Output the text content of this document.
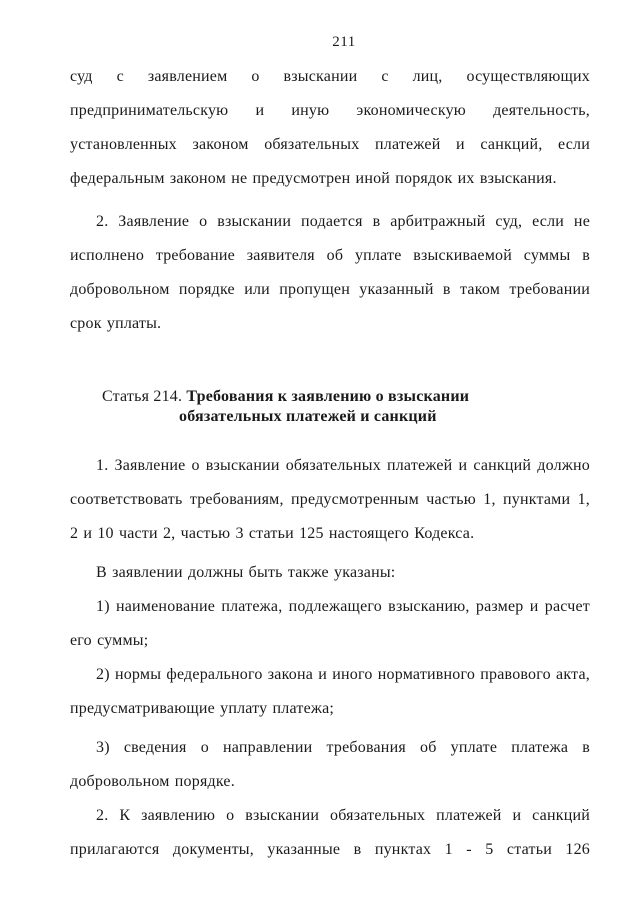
211

суд с заявлением о взыскании с лиц, осуществляющих предпринимательскую и иную экономическую деятельность, установленных законом обязательных платежей и санкций, если федеральным законом не предусмотрен иной порядок их взыскания.

2. Заявление о взыскании подается в арбитражный суд, если не исполнено требование заявителя об уплате взыскиваемой суммы в добровольном порядке или пропущен указанный в таком требовании срок уплаты.

Статья 214. Требования к заявлению о взыскании
обязательных платежей и санкций

1. Заявление о взыскании обязательных платежей и санкций должно соответствовать требованиям, предусмотренным частью 1, пунктами 1, 2 и 10 части 2, частью 3 статьи 125 настоящего Кодекса.

В заявлении должны быть также указаны:

1) наименование платежа, подлежащего взысканию, размер и расчет его суммы;

2) нормы федерального закона и иного нормативного правового акта, предусматривающие уплату платежа;

3) сведения о направлении требования об уплате платежа в добровольном порядке.

2. К заявлению о взыскании обязательных платежей и санкций
прилагаются документы, указанные в пунктах 1 - 5 статьи 126
